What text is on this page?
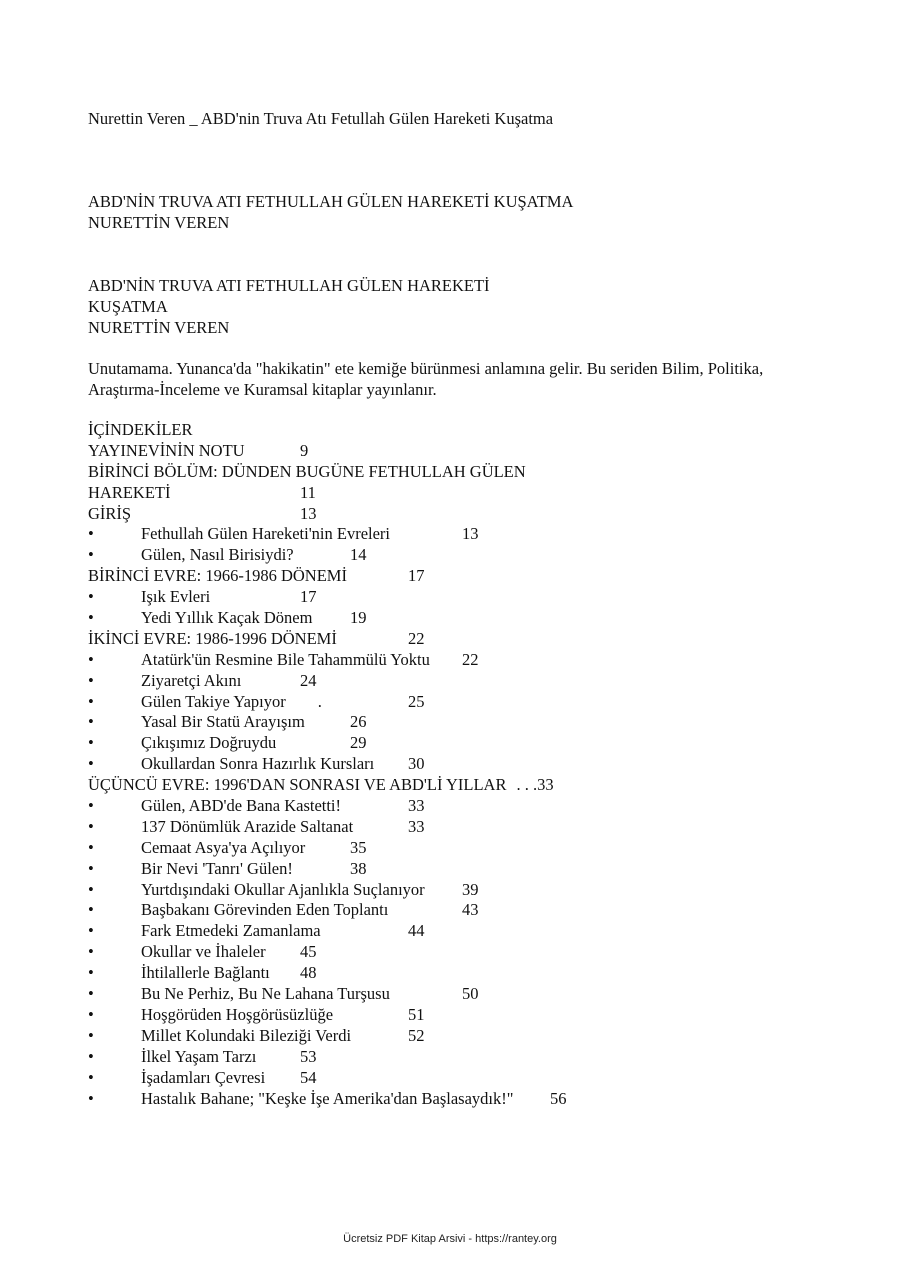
Nurettin Veren _ ABD'nin Truva Atı Fetullah Gülen Hareketi Kuşatma
ABD'NİN TRUVA ATI FETHULLAH GÜLEN HAREKETİ KUŞATMA
NURETTİN VEREN
ABD'NİN TRUVA ATI FETHULLAH GÜLEN HAREKETİ
KUŞATMA
NURETTİN VEREN
Unutamama. Yunanca'da "hakikatin" ete kemiğe bürünmesi anlamına gelir. Bu seriden Bilim, Politika, Araştırma-İnceleme ve Kuramsal kitaplar yayınlanır.
İÇİNDEKİLER
YAYINEVİNİN NOTU	9
BİRİNCİ BÖLÜM: DÜNDEN BUGÜNE FETHULLAH GÜLEN
HAREKETİ	11
GİRİŞ	13
•	Fethullah Gülen Hareketi'nin Evreleri	13
•	Gülen, Nasıl Birisiydi?	14
BİRİNCİ EVRE: 1966-1986 DÖNEMİ	17
•	Işık Evleri	17
•	Yedi Yıllık Kaçak Dönem 19
İKİNCİ EVRE: 1986-1996 DÖNEMİ	22
•	Atatürk'ün Resmine Bile Tahammülü Yoktu 22
•	Ziyaretçi Akını	24
•	Gülen Takiye Yapıyor .	25
•	Yasal Bir Statü Arayışım	26
•	Çıkışımız Doğruydu	29
•	Okullardan Sonra Hazırlık Kursları 30
ÜÇÜNCÜ EVRE: 1996'DAN SONRASI VE ABD'Lİ YILLAR . . .33
•	Gülen, ABD'de Bana Kastetti!	33
•	137 Dönümlük Arazide Saltanat	33
•	Cemaat Asya'ya Açılıyor	35
•	Bir Nevi 'Tanrı' Gülen!	38
•	Yurtdışındaki Okullar Ajanlıkla Suçlanıyor 39
•	Başbakanı Görevinden Eden Toplantı	43
•	Fark Etmedeki Zamanlama	44
•	Okullar ve İhaleler 45
•	İhtilallerle Bağlantı 48
•	Bu Ne Perhiz, Bu Ne Lahana Turşusu	50
•	Hoşgörüden Hoşgörüsüzlüğe	51
•	Millet Kolundaki Bileziği Verdi	52
•	İlkel Yaşam Tarzı	53
•	İşadamları Çevresi 54
•	Hastalık Bahane; "Keşke İşe Amerika'dan Başlasaydık!" 56
Ücretsiz PDF Kitap Arsivi - https://rantey.org
